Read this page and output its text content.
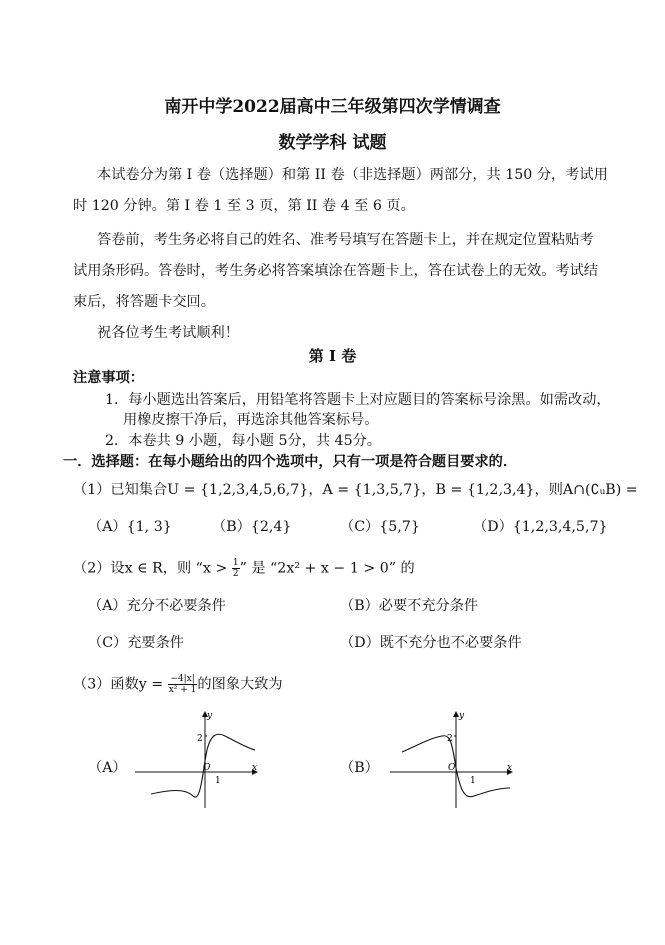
南开中学2022届高中三年级第四次学情调查
数学学科 试题
本试卷分为第 I 卷（选择题）和第 II 卷（非选择题）两部分，共 150 分，考试用
时 120 分钟。第 I 卷 1 至 3 页，第 II 卷 4 至 6 页。
答卷前，考生务必将自己的姓名、准考号填写在答题卡上，并在规定位置粘贴考
试用条形码。答卷时，考生务必将答案填涂在答题卡上，答在试卷上的无效。考试结
束后，将答题卡交回。
祝各位考生考试顺利！
第 I 卷
注意事项：
1．每小题选出答案后，用铅笔将答题卡上对应题目的答案标号涂黑。如需改动，
用橡皮擦干净后，再选涂其他答案标号。
2．本卷共 9 小题，每小题 5分，共 45分。
一．选择题：在每小题给出的四个选项中，只有一项是符合题目要求的．
（1）已知集合U = {1,2,3,4,5,6,7}，A = {1,3,5,7}，B = {1,2,3,4}，则A∩(∁ᵤB) =
（A）{1, 3}	（B）{2,4}	（C）{5,7}	（D）{1,2,3,4,5,7}
（2）设x ∈ R，则 “$x > \frac{1}{2}$ ” 是 “2x² + x − 1 > 0” 的
（A）充分不必要条件	（B）必要不充分条件
（C）充要条件	（D）既不充分也不必要条件
（3）函数$y = \frac{-4|x|}{\text{x² + 1}}$ 的图象大致为
（A）	（B）
y
x
2
O
1
y
x
2
O
1
